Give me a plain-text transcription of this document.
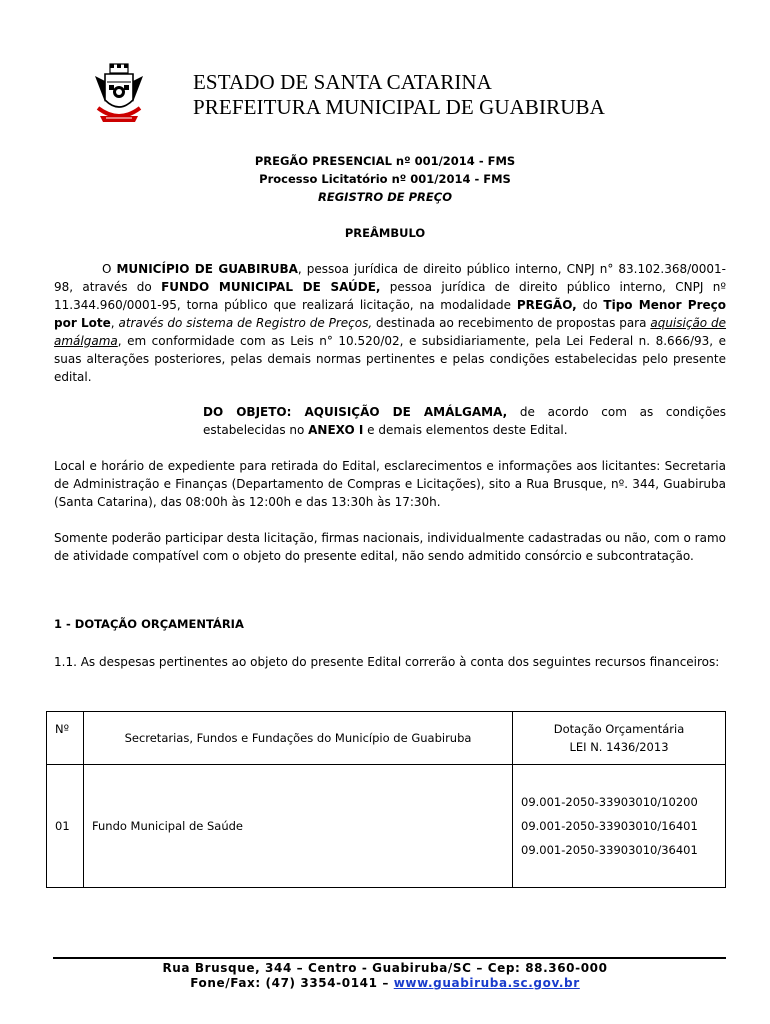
ESTADO DE SANTA CATARINA
PREFEITURA MUNICIPAL DE GUABIRUBA
PREGÃO PRESENCIAL nº 001/2014 - FMS
Processo Licitatório nº 001/2014 - FMS
REGISTRO DE PREÇO
PREÂMBULO

O MUNICÍPIO DE GUABIRUBA, pessoa jurídica de direito público interno, CNPJ n° 83.102.368/0001-98, através do FUNDO MUNICIPAL DE SAÚDE, pessoa jurídica de direito público interno, CNPJ nº 11.344.960/0001-95, torna público que realizará licitação, na modalidade PREGÃO, do Tipo Menor Preço por Lote, através do sistema de Registro de Preços, destinada ao recebimento de propostas para aquisição de amálgama, em conformidade com as Leis n° 10.520/02, e subsidiariamente, pela Lei Federal n. 8.666/93, e suas alterações posteriores, pelas demais normas pertinentes e pelas condições estabelecidas pelo presente edital.

DO OBJETO: AQUISIÇÃO DE AMÁLGAMA, de acordo com as condições estabelecidas no ANEXO I e demais elementos deste Edital.

Local e horário de expediente para retirada do Edital, esclarecimentos e informações aos licitantes: Secretaria de Administração e Finanças (Departamento de Compras e Licitações), sito a Rua Brusque, nº. 344, Guabiruba (Santa Catarina), das 08:00h às 12:00h e das 13:30h às 17:30h.

Somente poderão participar desta licitação, firmas nacionais, individualmente cadastradas ou não, com o ramo de atividade compatível com o objeto do presente edital, não sendo admitido consórcio e subcontratação.

1 - DOTAÇÃO ORÇAMENTÁRIA

1.1. As despesas pertinentes ao objeto do presente Edital correrão à conta dos seguintes recursos financeiros:

Nº	Secretarias, Fundos e Fundações do Município de Guabiruba	Dotação Orçamentária
LEI N. 1436/2013

01	Fundo Municipal de Saúde	09.001-2050-33903010/10200
09.001-2050-33903010/16401
09.001-2050-33903010/36401
Rua Brusque, 344 – Centro - Guabiruba/SC – Cep: 88.360-000
Fone/Fax: (47) 3354-0141 – www.guabiruba.sc.gov.br
